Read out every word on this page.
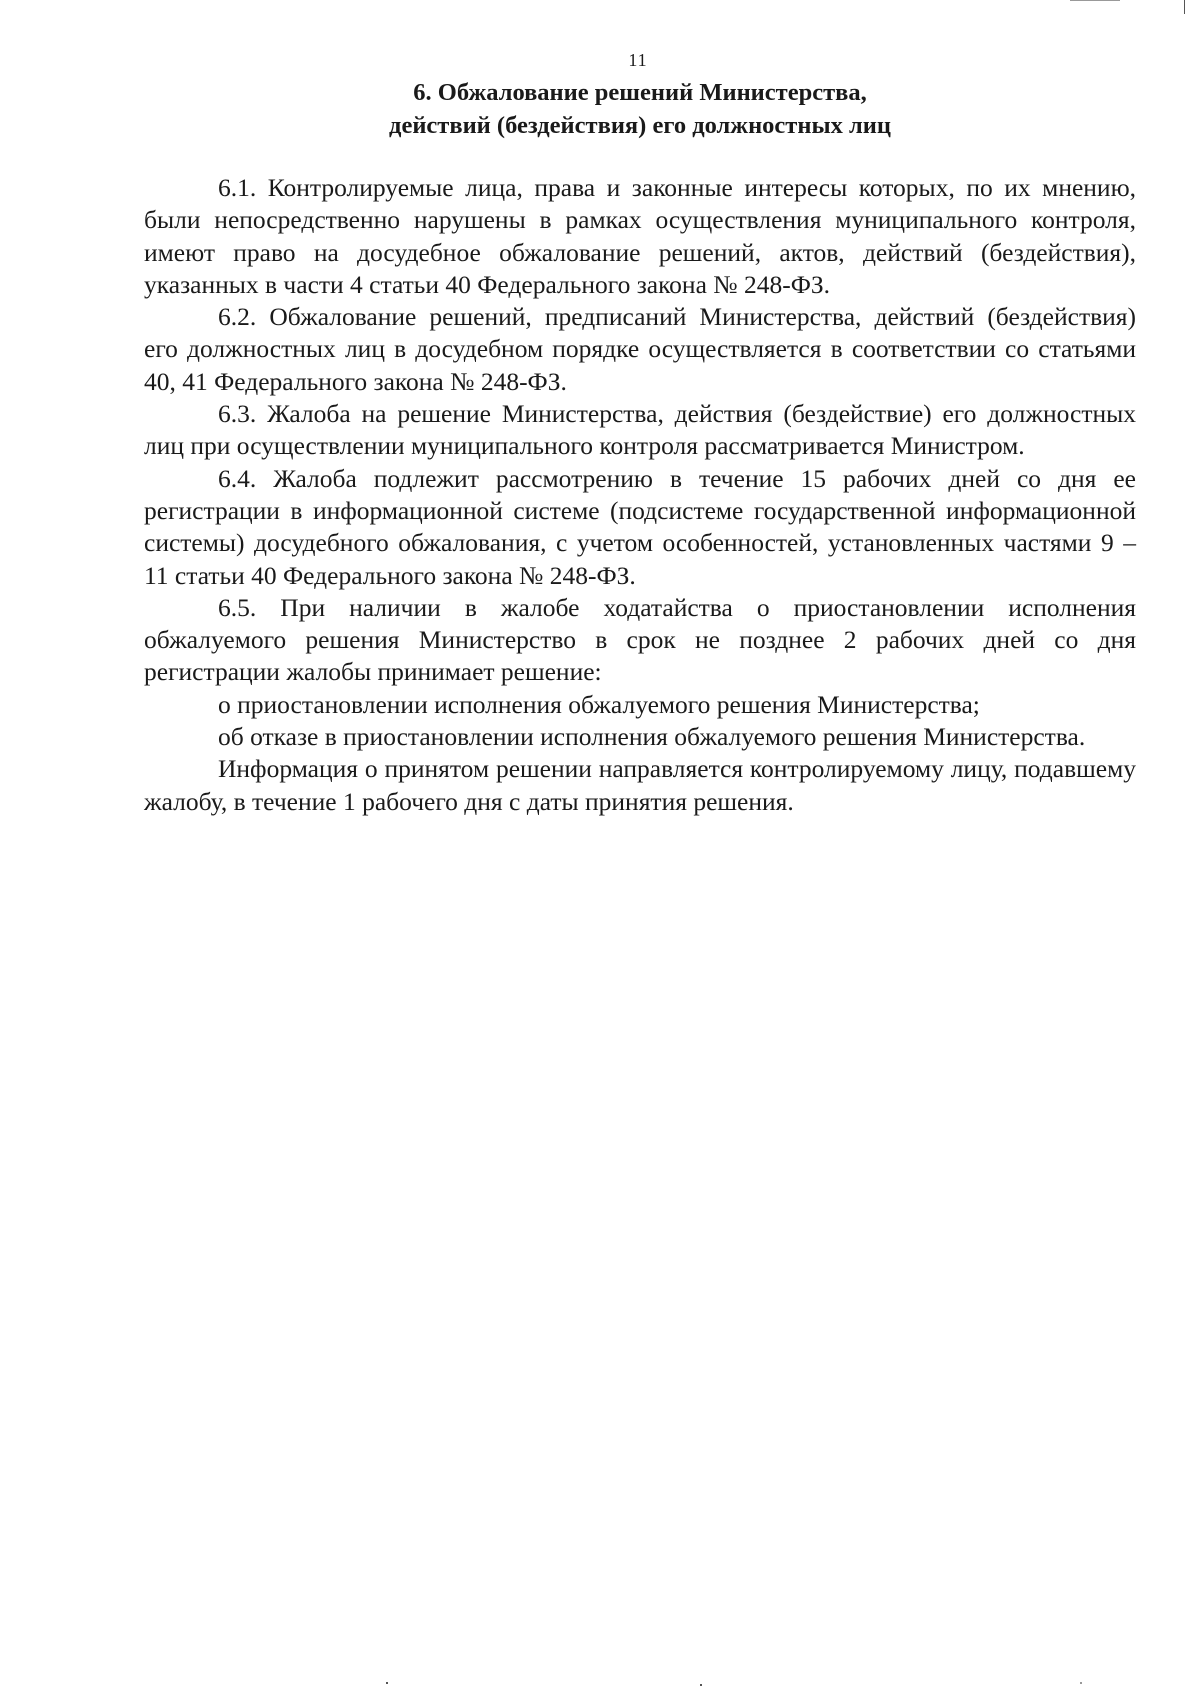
11
6. Обжалование решений Министерства,
действий (бездействия) его должностных лиц

6.1. Контролируемые лица, права и законные интересы которых, по их мнению, были непосредственно нарушены в рамках осуществления муниципального контроля, имеют право на досудебное обжалование решений, актов, действий (бездействия), указанных в части 4 статьи 40 Федерального закона № 248-ФЗ.

6.2. Обжалование решений, предписаний Министерства, действий (бездействия) его должностных лиц в досудебном порядке осуществляется в соответствии со статьями 40, 41 Федерального закона № 248-ФЗ.

6.3. Жалоба на решение Министерства, действия (бездействие) его должностных лиц при осуществлении муниципального контроля рассматривается Министром.

6.4. Жалоба подлежит рассмотрению в течение 15 рабочих дней со дня ее регистрации в информационной системе (подсистеме государственной информационной системы) досудебного обжалования, с учетом особенностей, установленных частями 9 – 11 статьи 40 Федерального закона № 248-ФЗ.

6.5. При наличии в жалобе ходатайства о приостановлении исполнения обжалуемого решения Министерство в срок не позднее 2 рабочих дней со дня регистрации жалобы принимает решение:

о приостановлении исполнения обжалуемого решения Министерства;

об отказе в приостановлении исполнения обжалуемого решения Министерства.

Информация о принятом решении направляется контролируемому лицу, подавшему жалобу, в течение 1 рабочего дня с даты принятия решения.
